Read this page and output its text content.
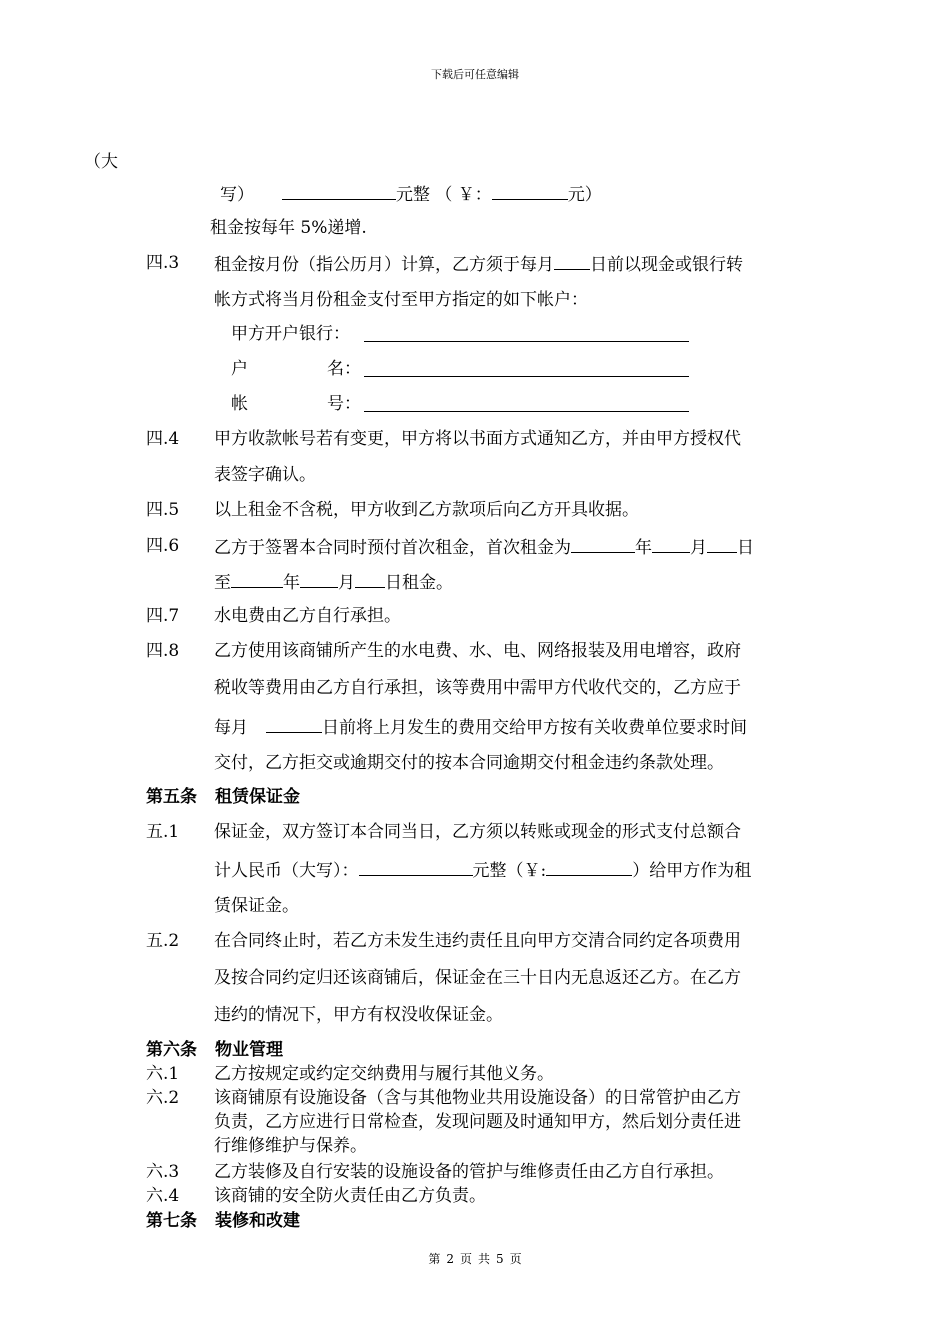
下载后可任意编辑
（大
写）	元整 （ ￥：	元）
租金按每年 5%递增.
四.3 租金按月份（指公历月）计算，乙方须于每月 日前以现金或银行转
帐方式将当月份租金支付至甲方指定的如下帐户：
甲方开户银行：
户	名：
帐	号：
四.4 甲方收款帐号若有变更，甲方将以书面方式通知乙方，并由甲方授权代
表签字确认。
四.5 以上租金不含税，甲方收到乙方款项后向乙方开具收据。
四.6 乙方于签署本合同时预付首次租金，首次租金为	年 月 日
至	年 月 日租金。
四.7 水电费由乙方自行承担。
四.8 乙方使用该商铺所产生的水电费、水、电、网络报装及用电增容，政府
税收等费用由乙方自行承担，该等费用中需甲方代收代交的，乙方应于
每月	日前将上月发生的费用交给甲方按有关收费单位要求时间
交付，乙方拒交或逾期交付的按本合同逾期交付租金违约条款处理。
第五条 租赁保证金
五.1 保证金，双方签订本合同当日，乙方须以转账或现金的形式支付总额合
计人民币（大写）：	元整（￥:	）给甲方作为租
赁保证金。
五.2 在合同终止时，若乙方未发生违约责任且向甲方交清合同约定各项费用
及按合同约定归还该商铺后，保证金在三十日内无息返还乙方。在乙方
违约的情况下，甲方有权没收保证金。
第六条 物业管理
六.1 乙方按规定或约定交纳费用与履行其他义务。
六.2 该商铺原有设施设备（含与其他物业共用设施设备）的日常管护由乙方
负责，乙方应进行日常检查，发现问题及时通知甲方，然后划分责任进
行维修维护与保养。
六.3 乙方装修及自行安装的设施设备的管护与维修责任由乙方自行承担。
六.4 该商铺的安全防火责任由乙方负责。
第七条 装修和改建
第 2 页 共 5 页
